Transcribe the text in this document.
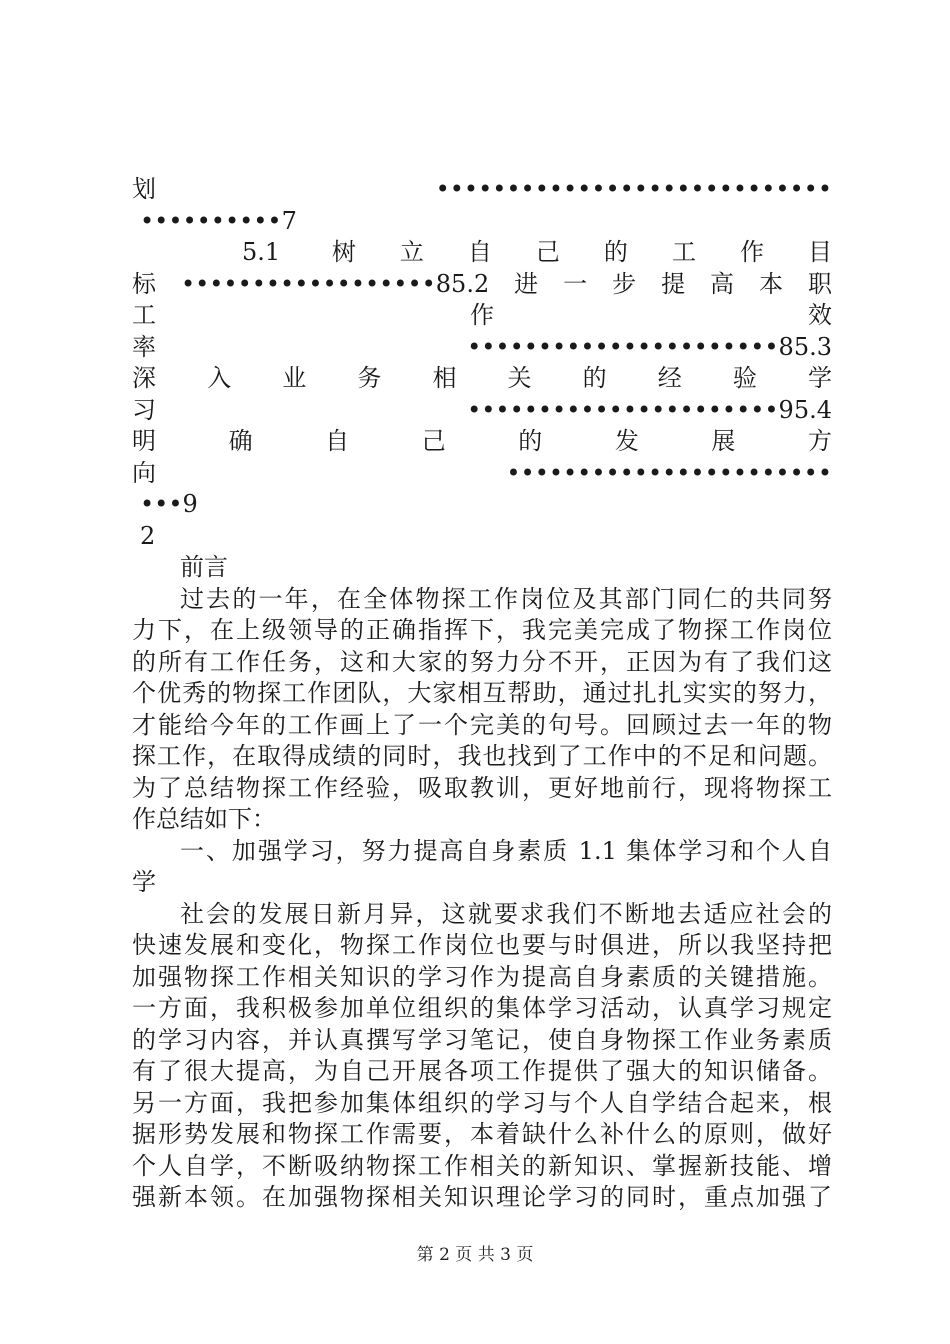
划 ••••••••••••••••••••••••••••
••••••••••7
5.1 树立自己的工作目
标••••••••••••••••••85.2进一步提高本职
工 作 效
率 ••••••••••••••••••••••85.3
深 入 业 务 相 关 的 经 验 学
习 ••••••••••••••••••••••95.4
明 确 自 己 的 发 展 方
向 •••••••••••••••••••••••
•••9
2
前言
过去的一年，在全体物探工作岗位及其部门同仁的共同努
力下，在上级领导的正确指挥下，我完美完成了物探工作岗位
的所有工作任务，这和大家的努力分不开，正因为有了我们这
个优秀的物探工作团队，大家相互帮助，通过扎扎实实的努力，
才能给今年的工作画上了一个完美的句号。回顾过去一年的物
探工作，在取得成绩的同时，我也找到了工作中的不足和问题。
为了总结物探工作经验，吸取教训，更好地前行，现将物探工
作总结如下：
一、加强学习，努力提高自身素质 1.1 集体学习和个人自
学
社会的发展日新月异，这就要求我们不断地去适应社会的
快速发展和变化，物探工作岗位也要与时俱进，所以我坚持把
加强物探工作相关知识的学习作为提高自身素质的关键措施。
一方面，我积极参加单位组织的集体学习活动，认真学习规定
的学习内容，并认真撰写学习笔记，使自身物探工作业务素质
有了很大提高，为自己开展各项工作提供了强大的知识储备。
另一方面，我把参加集体组织的学习与个人自学结合起来，根
据形势发展和物探工作需要，本着缺什么补什么的原则，做好
个人自学，不断吸纳物探工作相关的新知识、掌握新技能、增
强新本领。在加强物探相关知识理论学习的同时，重点加强了
第 2 页 共 3 页
